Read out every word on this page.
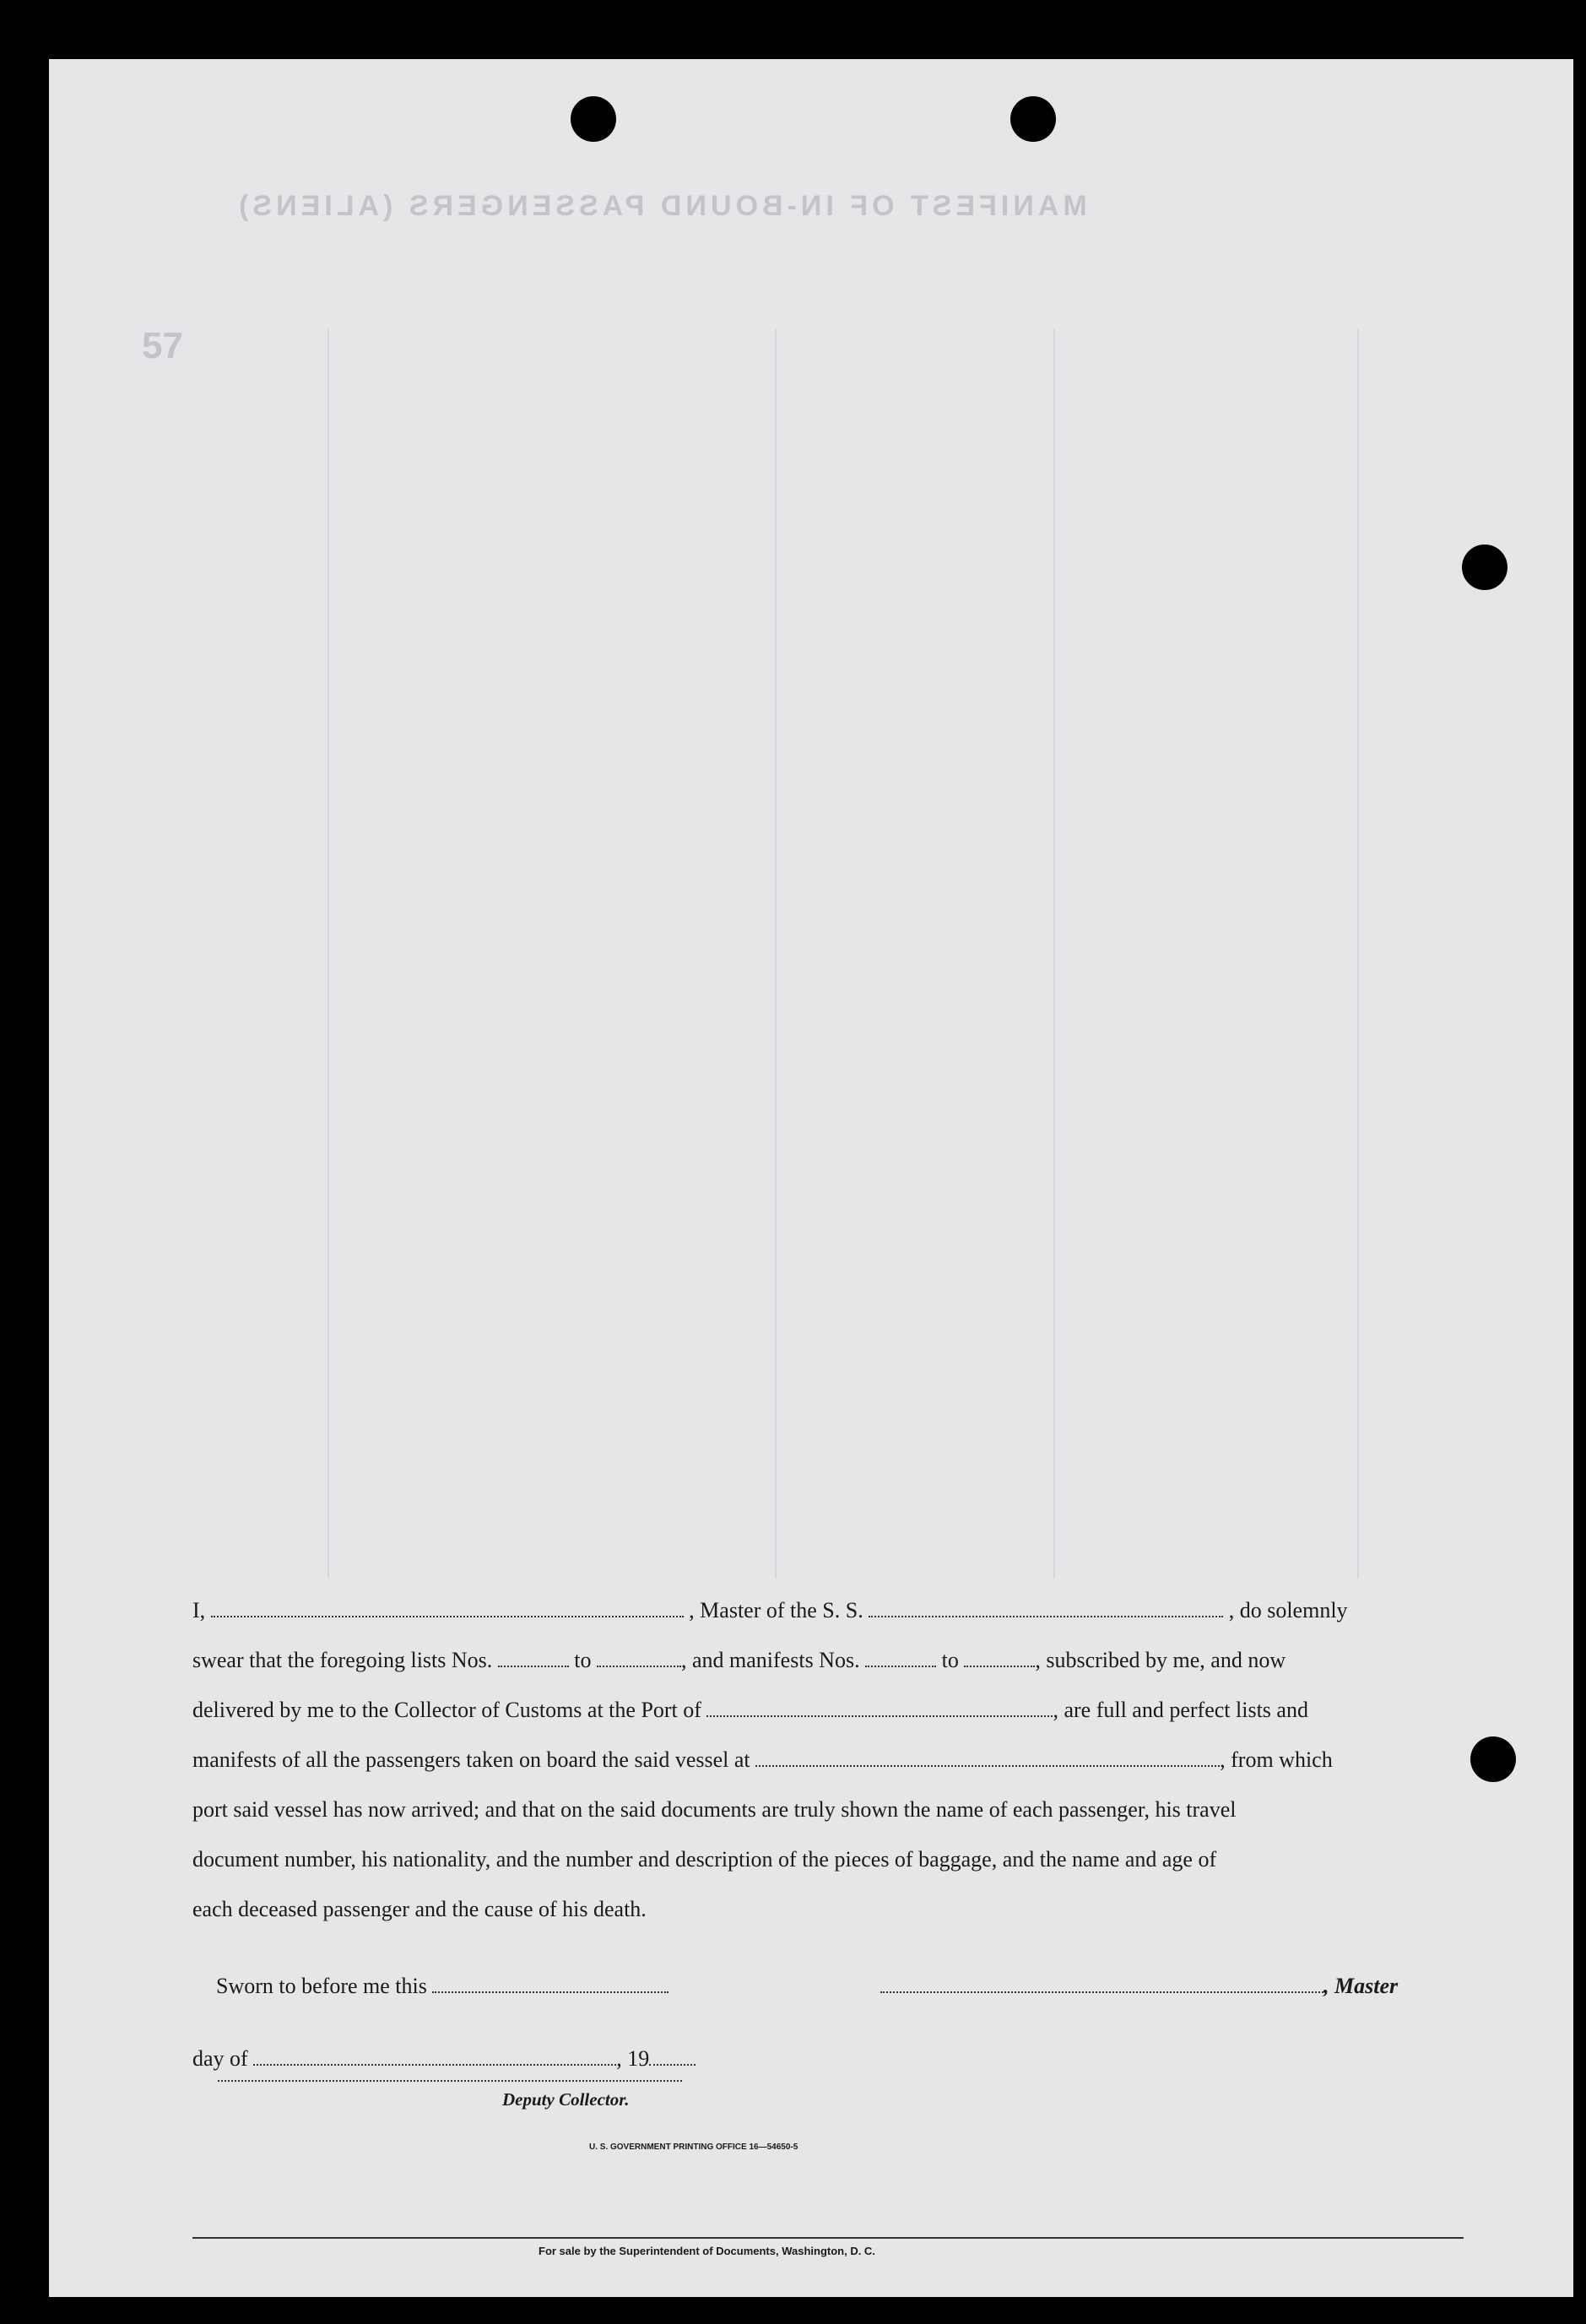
MANIFEST OF IN-BOUND PASSENGERS (ALIENS)
57
I,	, Master of the S. S.	, do solemnly
swear that the foregoing lists Nos.	to	, and manifests Nos.	to	, subscribed by me, and now
delivered by me to the Collector of Customs at the Port of	, are full and perfect lists and
manifests of all the passengers taken on board the said vessel at	, from which
port said vessel has now arrived; and that on the said documents are truly shown the name of each passenger, his travel
document number, his nationality, and the number and description of the pieces of baggage, and the name and age of
each deceased passenger and the cause of his death.
Sworn to before me this	, Master
day of	, 19
Deputy Collector.
U. S. GOVERNMENT PRINTING OFFICE 16—54650-5
For sale by the Superintendent of Documents, Washington, D. C.
